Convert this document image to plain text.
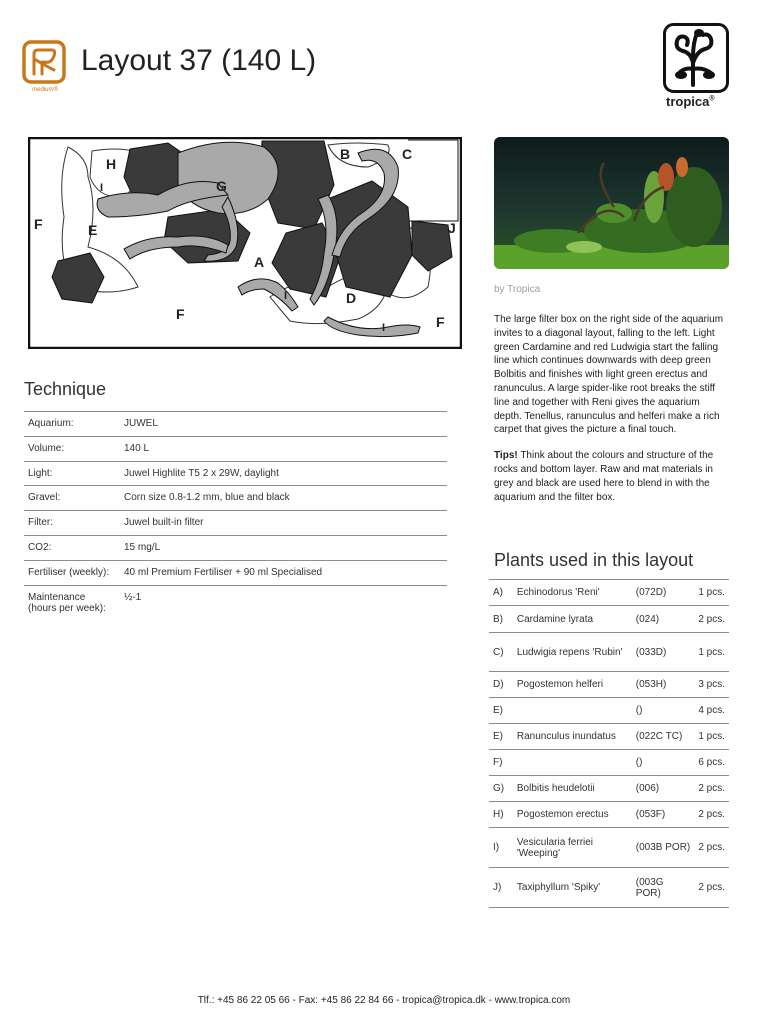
medium®
Layout 37 (140 L)
tropica®
H
G
B	C
I
F	E	J
A
I	D
F
I	F
by Tropica

The large filter box on the right side of the aquarium invites to a diagonal layout, falling to the left. Light green Cardamine and red Ludwigia start the falling line which continues downwards with deep green Bolbitis and finishes with light green erectus and ranunculus. A large spider-like root breaks the stiff line and together with Reni gives the aquarium depth. Tenellus, ranunculus and helferi make a rich carpet that gives the picture a final touch.

Tips! Think about the colours and structure of the rocks and bottom layer. Raw and mat materials in grey and black are used here to blend in with the aquarium and the filter box.

Technique
Aquarium:	JUWEL
Volume:	140 L
Light:	Juwel Highlite T5 2 x 29W, daylight
Gravel:	Corn size 0.8-1.2 mm, blue and black
Filter:	Juwel built-in filter
CO2:	15 mg/L
Fertiliser (weekly):	40 ml Premium Fertiliser + 90 ml Specialised
Maintenance
(hours per week):	½-1
Plants used in this layout
A)	Echinodorus 'Reni'	(072D)	1 pcs.
B)	Cardamine lyrata	(024)	2 pcs.
C)	Ludwigia repens 'Rubin'	(033D)	1 pcs.
D)	Pogostemon helferi	(053H)	3 pcs.
E)		()	4 pcs.
E)	Ranunculus inundatus	(022C TC)	1 pcs.
F)		()	6 pcs.
G)	Bolbitis heudelotii	(006)	2 pcs.
H)	Pogostemon erectus	(053F)	2 pcs.
I)	Vesicularia ferriei 'Weeping'	(003B POR)	2 pcs.
J)	Taxiphyllum 'Spiky'	(003G POR)	2 pcs.
Tlf.: +45 86 22 05 66 - Fax: +45 86 22 84 66 - tropica@tropica.dk - www.tropica.com
